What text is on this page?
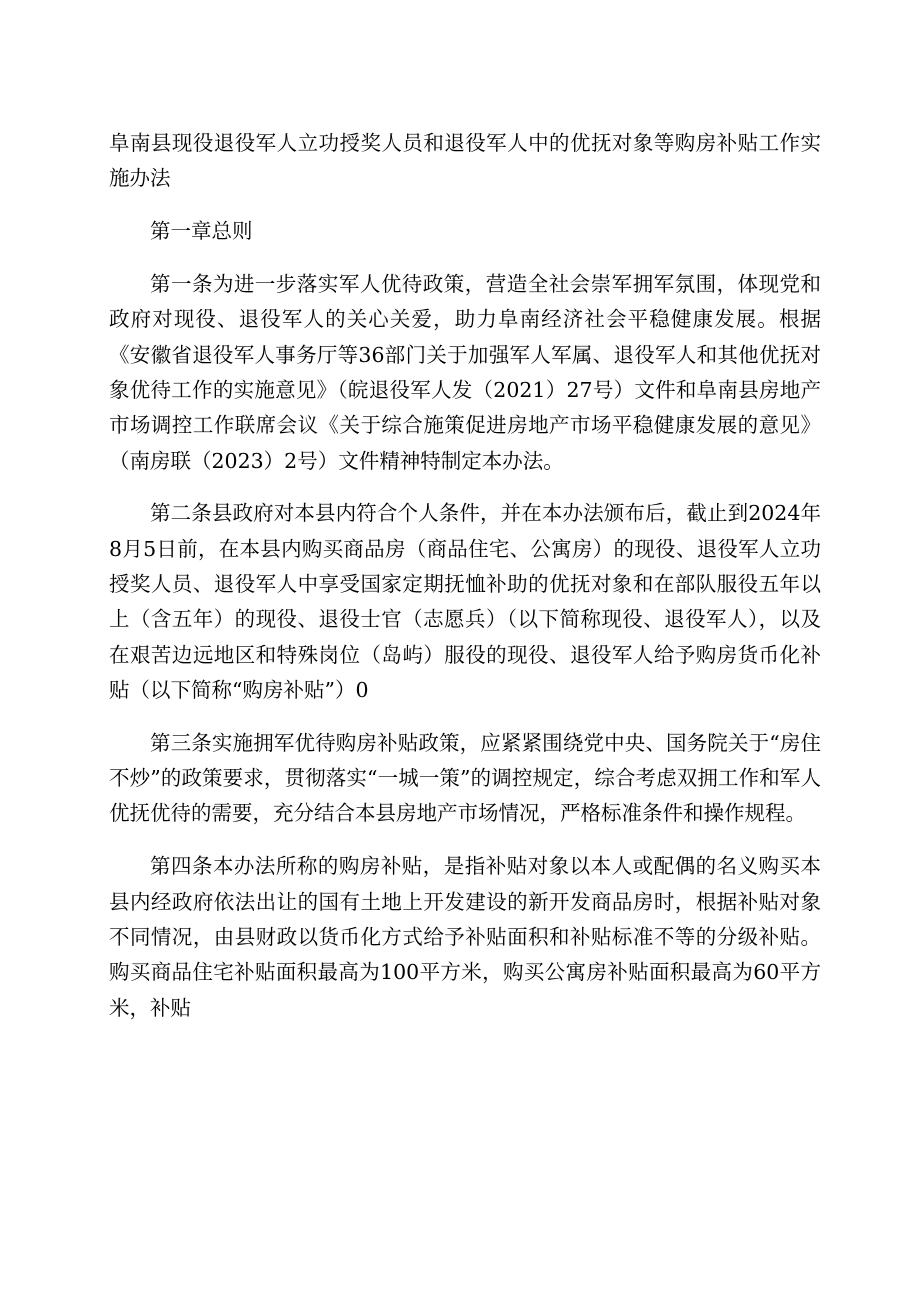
阜南县现役退役军人立功授奖人员和退役军人中的优抚对象等购房补贴工作实施办法

第一章总则

第一条为进一步落实军人优待政策，营造全社会崇军拥军氛围，体现党和政府对现役、退役军人的关心关爱，助力阜南经济社会平稳健康发展。根据《安徽省退役军人事务厅等36部门关于加强军人军属、退役军人和其他优抚对象优待工作的实施意见》（皖退役军人发（2021）27号）文件和阜南县房地产市场调控工作联席会议《关于综合施策促进房地产市场平稳健康发展的意见》（南房联（2023）2号）文件精神特制定本办法。

第二条县政府对本县内符合个人条件，并在本办法颁布后，截止到2024年8月5日前，在本县内购买商品房（商品住宅、公寓房）的现役、退役军人立功授奖人员、退役军人中享受国家定期抚恤补助的优抚对象和在部队服役五年以上（含五年）的现役、退役士官（志愿兵）（以下简称现役、退役军人），以及在艰苦边远地区和特殊岗位（岛屿）服役的现役、退役军人给予购房货币化补贴（以下简称“购房补贴”）0

第三条实施拥军优待购房补贴政策，应紧紧围绕党中央、国务院关于“房住不炒”的政策要求，贯彻落实“一城一策”的调控规定，综合考虑双拥工作和军人优抚优待的需要，充分结合本县房地产市场情况，严格标准条件和操作规程。

第四条本办法所称的购房补贴，是指补贴对象以本人或配偶的名义购买本县内经政府依法出让的国有土地上开发建设的新开发商品房时，根据补贴对象不同情况，由县财政以货币化方式给予补贴面积和补贴标准不等的分级补贴。购买商品住宅补贴面积最高为100平方米，购买公寓房补贴面积最高为60平方米，补贴
